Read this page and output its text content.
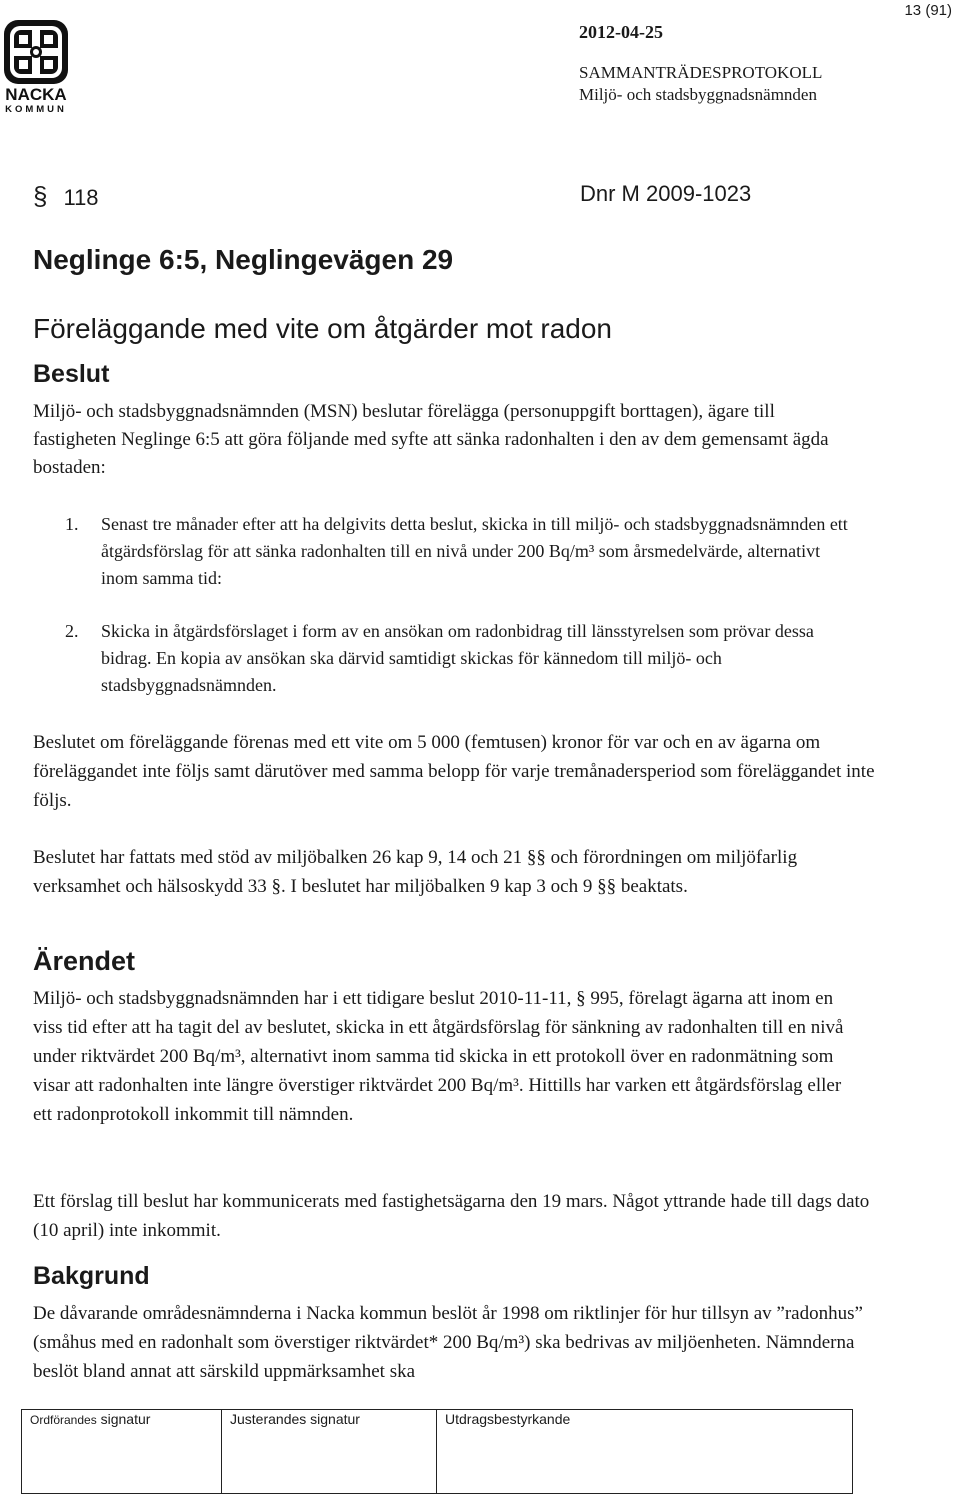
NACKA
KOMMUN
13 (91)
2012-04-25
SAMMANTRÄDESPROTOKOLL
Miljö- och stadsbyggnadsnämnden
§ 118	Dnr M 2009-1023
Neglinge 6:5, Neglingevägen 29
Föreläggande med vite om åtgärder mot radon
Beslut
Miljö- och stadsbyggnadsnämnden (MSN) beslutar förelägga (personuppgift borttagen), ägare till fastigheten Neglinge 6:5 att göra följande med syfte att sänka radonhalten i den av dem gemensamt ägda bostaden:
1. Senast tre månader efter att ha delgivits detta beslut, skicka in till miljö- och stadsbyggnadsnämnden ett åtgärdsförslag för att sänka radonhalten till en nivå under 200 Bq/m³ som årsmedelvärde, alternativt inom samma tid:
2. Skicka in åtgärdsförslaget i form av en ansökan om radonbidrag till länsstyrelsen som prövar dessa bidrag. En kopia av ansökan ska därvid samtidigt skickas för kännedom till miljö- och stadsbyggnadsnämnden.
Beslutet om föreläggande förenas med ett vite om 5 000 (femtusen) kronor för var och en av ägarna om föreläggandet inte följs samt därutöver med samma belopp för varje tremånadersperiod som föreläggandet inte följs.
Beslutet har fattats med stöd av miljöbalken 26 kap 9, 14 och 21 §§ och förordningen om miljöfarlig verksamhet och hälsoskydd 33 §. I beslutet har miljöbalken 9 kap 3 och 9 §§ beaktats.
Ärendet
Miljö- och stadsbyggnadsnämnden har i ett tidigare beslut 2010-11-11, § 995, förelagt ägarna att inom en viss tid efter att ha tagit del av beslutet, skicka in ett åtgärdsförslag för sänkning av radonhalten till en nivå under riktvärdet 200 Bq/m³, alternativt inom samma tid skicka in ett protokoll över en radonmätning som visar att radonhalten inte längre överstiger riktvärdet 200 Bq/m³. Hittills har varken ett åtgärdsförslag eller ett radonprotokoll inkommit till nämnden.
Ett förslag till beslut har kommunicerats med fastighetsägarna den 19 mars. Något yttrande hade till dags dato (10 april) inte inkommit.
Bakgrund
De dåvarande områdesnämnderna i Nacka kommun beslöt år 1998 om riktlinjer för hur tillsyn av ”radonhus” (småhus med en radonhalt som överstiger riktvärdet* 200 Bq/m³) ska bedrivas av miljöenheten. Nämnderna beslöt bland annat att särskild uppmärksamhet ska
Ordförandes signatur	Justerandes signatur	Utdragsbestyrkande
